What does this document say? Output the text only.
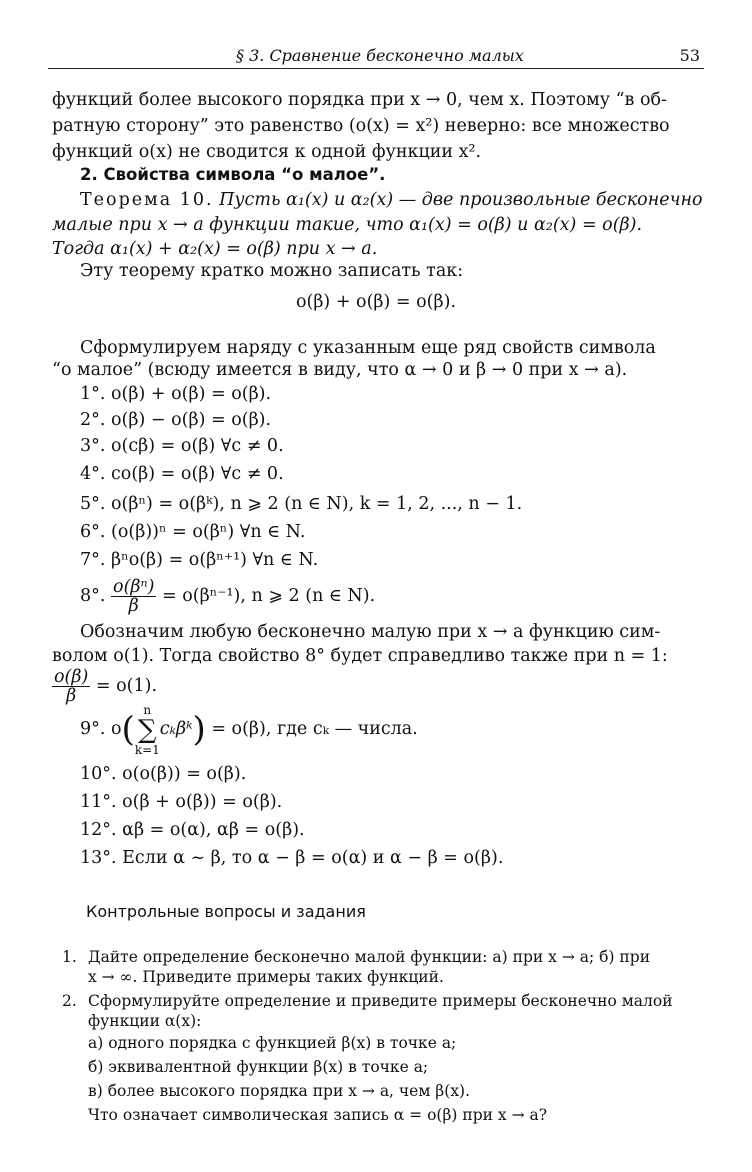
§ 3. Сравнение бесконечно малых	53
функций более высокого порядка при x → 0, чем x. Поэтому “в об-
ратную сторону” это равенство (o(x) = x²) неверно: все множество
функций o(x) не сводится к одной функции x².
2. Свойства символа “o малое”.
Теорема 10. Пусть α₁(x) и α₂(x) — две произвольные бесконечно
малые при x → a функции такие, что α₁(x) = o(β) и α₂(x) = o(β).
Тогда α₁(x) + α₂(x) = o(β) при x → a.
Эту теорему кратко можно записать так:
o(β) + o(β) = o(β).
Сформулируем наряду с указанным еще ряд свойств символа
“o малое” (всюду имеется в виду, что α → 0 и β → 0 при x → a).
1°. o(β) + o(β) = o(β).
2°. o(β) − o(β) = o(β).
3°. o(cβ) = o(β) ∀c ≠ 0.
4°. co(β) = o(β) ∀c ≠ 0.
5°. o(βⁿ) = o(βᵏ), n ⩾ 2 (n ∈ N), k = 1, 2, ..., n − 1.
6°. (o(β))ⁿ = o(βⁿ) ∀n ∈ N.
7°. βⁿo(β) = o(βⁿ⁺¹) ∀n ∈ N.
8°. $\frac{\text{o(βⁿ)}}{\beta} = o(\beta^{n-1})$, n ⩾ 2 (n ∈ N).
Обозначим любую бесконечно малую при x → a функцию сим-
волом o(1). Тогда свойство 8° будет справедливо также при n = 1:
$\frac{o(\beta)}{\beta} = o(1)$.
9°. o( n
∑
k=1cₖβᵏ) = o(β), где cₖ — числа.
10°. o(o(β)) = o(β).
11°. o(β + o(β)) = o(β).
12°. αβ = o(α), αβ = o(β).
13°. Если α ~ β, то α − β = o(α) и α − β = o(β).
Контрольные вопросы и задания
1. Дайте определение бесконечно малой функции: а) при x → a; б) при
x → ∞. Приведите примеры таких функций.
2. Сформулируйте определение и приведите примеры бесконечно малой
функции α(x):
а) одного порядка с функцией β(x) в точке a;
б) эквивалентной функции β(x) в точке a;
в) более высокого порядка при x → a, чем β(x).
Что означает символическая запись α = o(β) при x → a?
